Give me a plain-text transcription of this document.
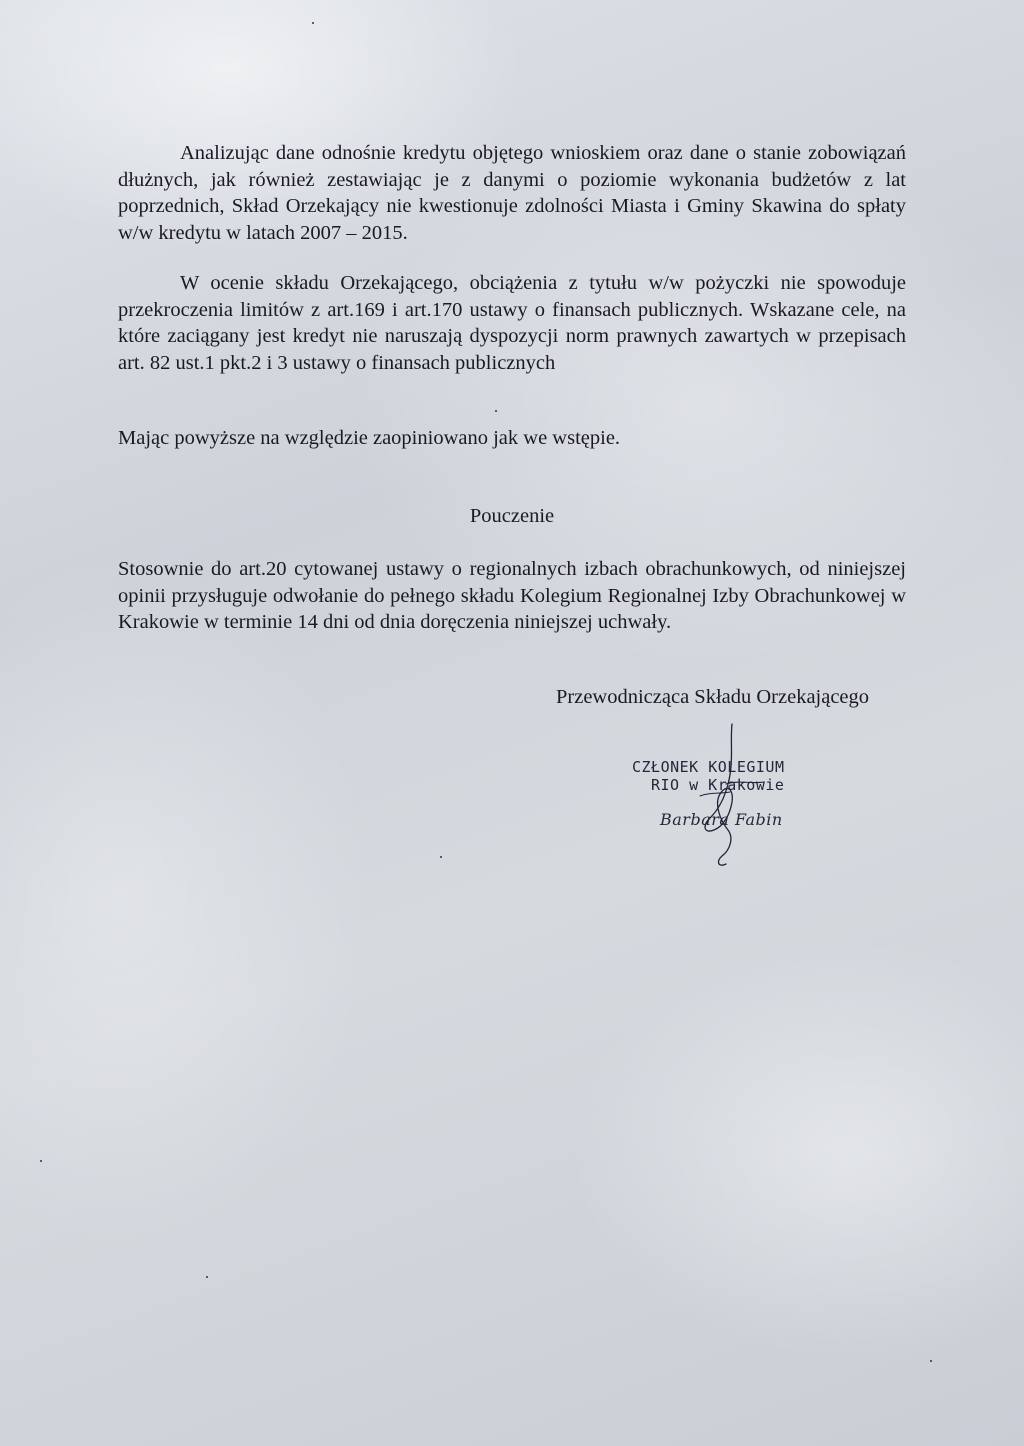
Analizując dane odnośnie kredytu objętego wnioskiem oraz dane o stanie zobowiązań dłużnych, jak również zestawiając je z danymi o poziomie wykonania budżetów z lat poprzednich, Skład Orzekający nie kwestionuje zdolności Miasta i Gminy Skawina do spłaty w/w kredytu w latach 2007 – 2015.
W ocenie składu Orzekającego, obciążenia z tytułu w/w pożyczki nie spowoduje przekroczenia limitów z art.169 i art.170 ustawy o finansach publicznych. Wskazane cele, na które zaciągany jest kredyt nie naruszają dyspozycji norm prawnych zawartych w przepisach art. 82 ust.1 pkt.2 i 3 ustawy o finansach publicznych
Mając powyższe na względzie zaopiniowano jak we wstępie.
Pouczenie
Stosownie do art.20 cytowanej ustawy o regionalnych izbach obrachunkowych, od niniejszej opinii przysługuje odwołanie do pełnego składu Kolegium Regionalnej Izby Obrachunkowej w Krakowie w terminie 14 dni od dnia doręczenia niniejszej uchwały.
Przewodnicząca Składu Orzekającego
CZŁONEK KOLEGIUM
RIO w Krakowie
Barbara Fabin
